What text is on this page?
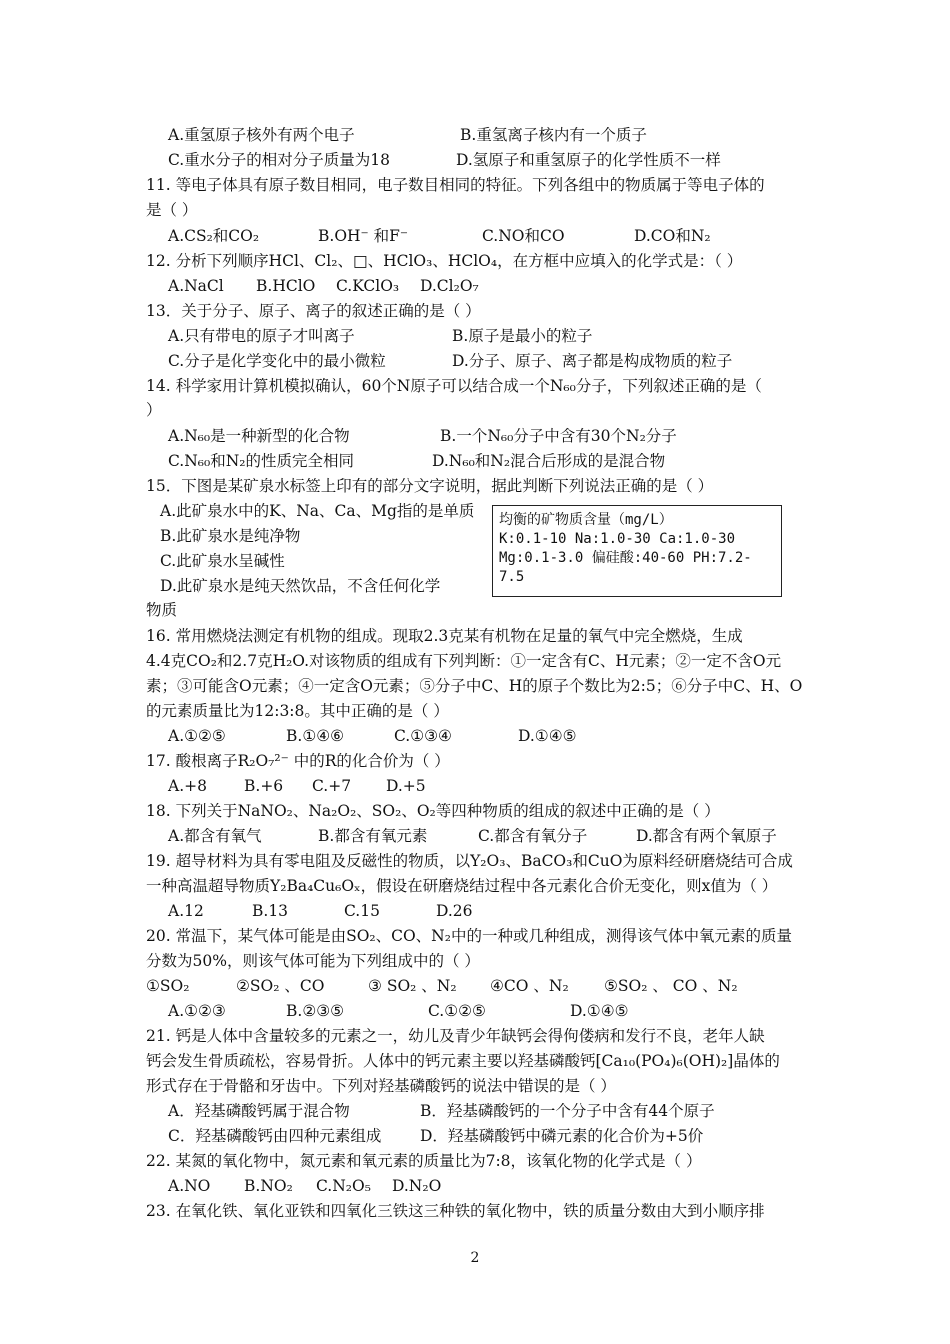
A.重氢原子核外有两个电子	B.重氢离子核内有一个质子
C.重水分子的相对分子质量为18	D.氢原子和重氢原子的化学性质不一样
11. 等电子体具有原子数目相同，电子数目相同的特征。下列各组中的物质属于等电子体的
是（ ）
A.CS₂和CO₂	B.OH⁻ 和F⁻	C.NO和CO	D.CO和N₂
12. 分析下列顺序HCl、Cl₂、□、HClO₃、HClO₄，在方框中应填入的化学式是：（ ）
A.NaCl B.HClO C.KClO₃ D.Cl₂O₇
13．关于分子、原子、离子的叙述正确的是（ ）
A.只有带电的原子才叫离子	B.原子是最小的粒子
C.分子是化学变化中的最小微粒	D.分子、原子、离子都是构成物质的粒子
14. 科学家用计算机模拟确认，60个N原子可以结合成一个N₆₀分子，下列叙述正确的是（
）
A.N₆₀是一种新型的化合物	B.一个N₆₀分子中含有30个N₂分子
C.N₆₀和N₂的性质完全相同	D.N₆₀和N₂混合后形成的是混合物
15．下图是某矿泉水标签上印有的部分文字说明，据此判断下列说法正确的是（ ）
A.此矿泉水中的K、Na、Ca、Mg指的是单质
B.此矿泉水是纯净物
C.此矿泉水呈碱性
D.此矿泉水是纯天然饮品，不含任何化学
物质
均衡的矿物质含量（mg/L）
K:0.1-10 Na:1.0-30 Ca:1.0-30
Mg:0.1-3.0 偏硅酸:40-60 PH:7.2-
7.5
16. 常用燃烧法测定有机物的组成。现取2.3克某有机物在足量的氧气中完全燃烧，生成
4.4克CO₂和2.7克H₂O.对该物质的组成有下列判断：①一定含有C、H元素；②一定不含O元
素；③可能含O元素；④一定含O元素；⑤分子中C、H的原子个数比为2:5；⑥分子中C、H、O
的元素质量比为12:3:8。其中正确的是（ ）
A.①②⑤	B.①④⑥	C.①③④	D.①④⑤
17. 酸根离子R₂O₇²⁻ 中的R的化合价为（ ）
A.+8 B.+6 C.+7 D.+5
18. 下列关于NaNO₂、Na₂O₂、SO₂、O₂等四种物质的组成的叙述中正确的是（ ）
A.都含有氧气	B.都含有氧元素	C.都含有氧分子	D.都含有两个氧原子
19. 超导材料为具有零电阻及反磁性的物质，以Y₂O₃、BaCO₃和CuO为原料经研磨烧结可合成
一种高温超导物质Y₂Ba₄Cu₆Oₓ，假设在研磨烧结过程中各元素化合价无变化，则x值为（ ）
A.12	B.13	C.15	D.26
20. 常温下，某气体可能是由SO₂、CO、N₂中的一种或几种组成，测得该气体中氧元素的质量
分数为50%，则该气体可能为下列组成中的（ ）
①SO₂	②SO₂ 、CO	③ SO₂ 、N₂ ④CO 、N₂ ⑤SO₂ 、 CO 、N₂
A.①②③	B.②③⑤	C.①②⑤	D.①④⑤
21. 钙是人体中含量较多的元素之一，幼儿及青少年缺钙会得佝偻病和发行不良，老年人缺
钙会发生骨质疏松，容易骨折。人体中的钙元素主要以羟基磷酸钙[Ca₁₀(PO₄)₆(OH)₂]晶体的
形式存在于骨骼和牙齿中。下列对羟基磷酸钙的说法中错误的是（ ）
A．羟基磷酸钙属于混合物	B．羟基磷酸钙的一个分子中含有44个原子
C．羟基磷酸钙由四种元素组成 D．羟基磷酸钙中磷元素的化合价为+5价
22. 某氮的氧化物中，氮元素和氧元素的质量比为7:8，该氧化物的化学式是（ ）
A.NO B.NO₂ C.N₂O₅ D.N₂O
23. 在氧化铁、氧化亚铁和四氧化三铁这三种铁的氧化物中，铁的质量分数由大到小顺序排
2
